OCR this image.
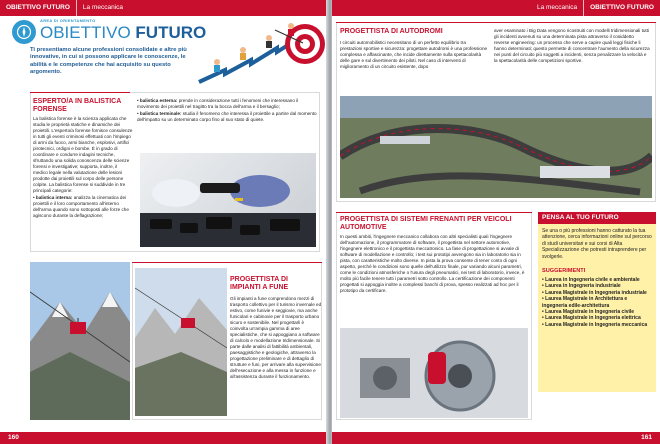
OBIETTIVO FUTURO	La meccanica
AREA DI ORIENTAMENTO
OBIETTIVO FUTURO
Ti presentiamo alcune professioni consolidate e altre più innovative, in cui si possono applicare le conoscenze, le abilità e le competenze che hai acquisito su questo argomento.
ESPERTO/A IN BALISTICA FORENSE
La balistica forense è la scienza applicata che studia le proprietà statiche e dinamiche dei proiettili. L'esperto/a forense fornisce consulenze in tutti gli eventi criminosi effettuati con l'impiego di armi da fuoco, armi bianche, esplosivi, artifici pirotecnici, ordigni e bombe. È in grado di coordinare e condurre indagini tecniche, sfruttando una solida conoscenza delle scienze forensi e investigative; supporta, inoltre, il medico legale nella valutazione delle lesioni prodotte dai proiettili sul corpo delle persone colpite. La balistica forense si suddivide in tre principali categorie:
• balistica interna: analizza la cinematica dei proiettili e il loro comportamento all'interno dell'arma quando sono sottoposti alle forze che agiscono durante la deflagrazione;
• balistica esterna: prende in considerazione tutti i fenomeni che interessano il movimento dei proiettili nel tragitto tra la bocca dell'arma e il bersaglio;
• balistica terminale: studia il fenomeno che interessa il proiettile a partire dal momento dell'impatto su un determinato corpo fino al suo stato di quiete.
PROGETTISTA DI IMPIANTI A FUNE
Gli impianti a fune comprendono mezzi di trasporto collettivo per il turismo invernale ed estivo, come funivie e seggiovie, ma anche funicolari e cabinovie per il trasporto urbano sicuro e sostenibile. Nel progettarli è coinvolta un'ampia gamma di aree specialistiche, che si appoggiano a software di calcolo e modellazione tridimensionale. Si parte dalle analisi di fattibilità ambientali, paesaggistiche e geologiche, attraverso la progettazione preliminare e di dettaglio di strutture e funi, per arrivare alla supervisione dell'esecuzione e alla messa in funzione e all'assistenza durante il funzionamento.
160
La meccanica	OBIETTIVO FUTURO
PROGETTISTA DI AUTODROMI
I circuiti automobilistici necessitano di un perfetto equilibrio tra prestazioni sportive e sicurezza: progettare autodromi è una professione complessa e affascinante, che incide direttamente sulla spettacolarità delle gare e sul divertimento dei piloti. Nel caso di interventi di miglioramento di un circuito esistente, dopo
aver esaminato i Big Data vengono ricostruiti con modelli tridimensionali tutti gli incidenti avvenuti su una determinata pista attraverso il cosiddetto reverse engineering: un processo che serve a capire quali leggi fisiche li hanno determinati; questo permette di concentrare l'aumento della sicurezza nei punti del circuito più soggetti a incidenti, senza penalizzare la velocità e la spettacolarità delle competizioni sportive.
PROGETTISTA DI SISTEMI FRENANTI PER VEICOLI AUTOMOTIVE
In questi ambiti, l'ingegnere meccanico collabora con altri specialisti quali l'ingegnere dell'automazione, il programmatore di software, il progettista nel settore automotive, l'ingegnere elettronico e il progettista meccatronico. La fase di progettazione si avvale di software di modellazione e controllo; i test sui prototipi avvengono sia in laboratorio sia in pista, con caratteristiche molto diverse. In pista la prova consente di tener conto di ogni aspetto, perché le condizioni sono quelle dell'utilizzo finale, pur variando alcuni parametri, come le condizioni atmosferiche o l'usura degli pneumatici, nei test di laboratorio, invece, è molto più facile tenere tutti i parametri sotto controllo. La certificazione dei componenti progettati si appoggia inoltre a complessi banchi di prova, spesso realizzati ad hoc per il prototipo da certificare.
PENSA AL TUO FUTURO
Se una o più professioni hanno catturato la tua attenzione, cerca informazioni online sul percorso di studi universitari e sui corsi di Alta Specializzazione che potresti intraprendere per svolgerle.
SUGGERIMENTI
• Laurea in Ingegneria civile e ambientale
• Laurea in Ingegneria industriale
• Laurea Magistrale in Ingegneria industriale
• Laurea Magistrale in Architettura e ingegneria edile-architettura
• Laurea Magistrale in Ingegneria civile
• Laurea Magistrale in Ingegneria elettrica
• Laurea Magistrale in Ingegneria meccanica
161
